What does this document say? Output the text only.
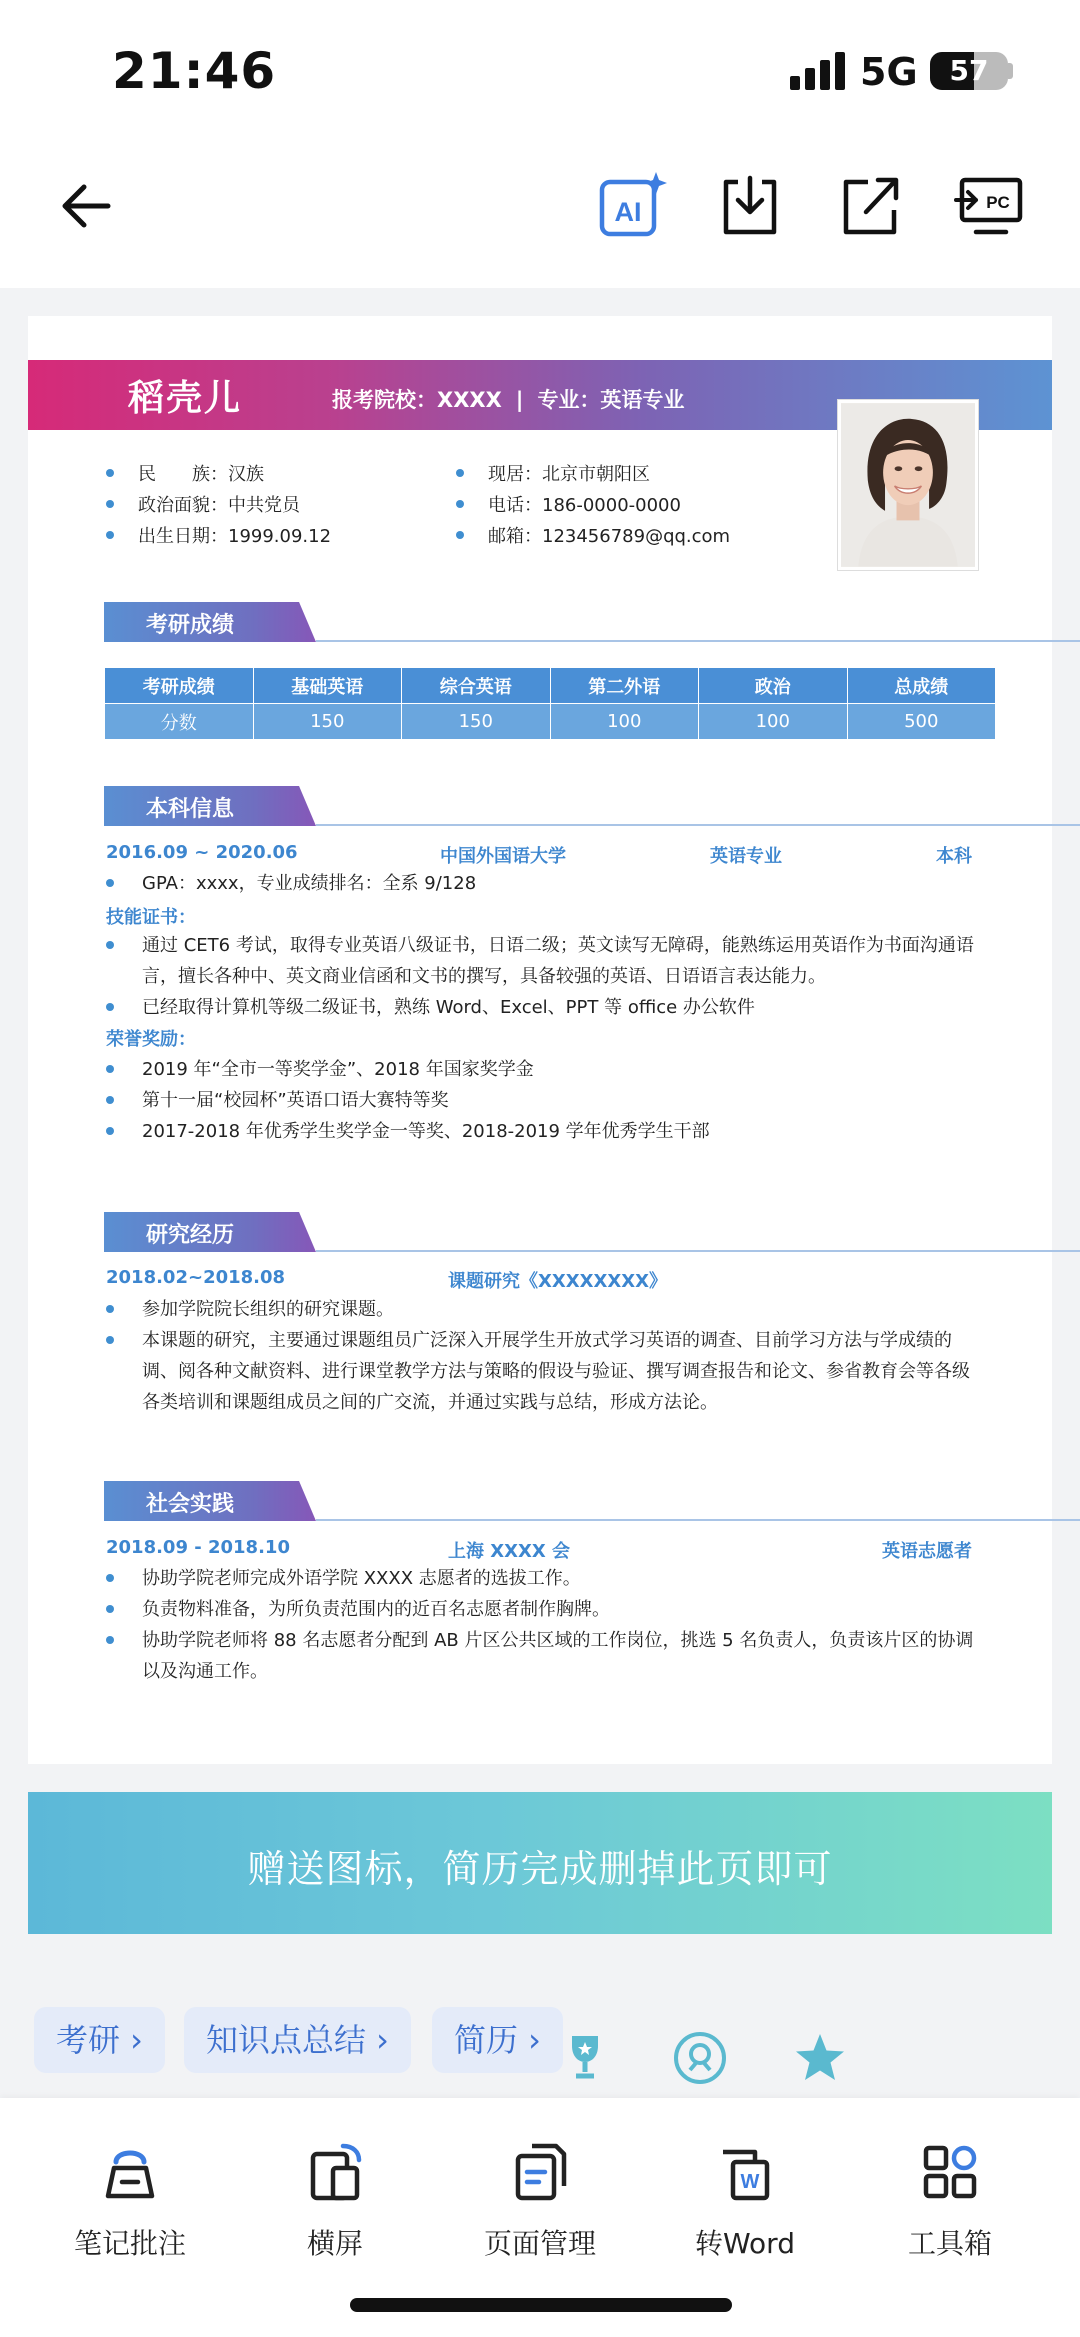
21:46	5G	57
AI	PC
稻壳儿	报考院校：XXXX | 专业：英语专业
民　　族：汉族
政治面貌：中共党员
出生日期：1999.09.12
现居：北京市朝阳区
电话：186-0000-0000
邮箱：123456789@qq.com
考研成绩
考研成绩	基础英语	综合英语	第二外语	政治	总成绩
分数	150	150	100	100	500
本科信息
2016.09 ~ 2020.06	中国外国语大学	英语专业	本科
GPA：xxxx，专业成绩排名：全系 9/128
技能证书：
通过 CET6 考试，取得专业英语八级证书，日语二级；英文读写无障碍，能熟练运用英语作为书面沟通语言，擅长各种中、英文商业信函和文书的撰写，具备较强的英语、日语语言表达能力。
已经取得计算机等级二级证书，熟练 Word、Excel、PPT 等 office 办公软件
荣誉奖励：
2019 年“全市一等奖学金”、2018 年国家奖学金
第十一届“校园杯”英语口语大赛特等奖
2017-2018 年优秀学生奖学金一等奖、2018-2019 学年优秀学生干部
研究经历
2018.02~2018.08	课题研究《XXXXXXXX》
参加学院院长组织的研究课题。
本课题的研究，主要通过课题组员广泛深入开展学生开放式学习英语的调查、目前学习方法与学成绩的调、阅各种文献资料、进行课堂教学方法与策略的假设与验证、撰写调查报告和论文、参省教育会等各级各类培训和课题组成员之间的广交流，并通过实践与总结，形成方法论。
社会实践
2018.09 - 2018.10	上海 XXXX 会	英语志愿者
协助学院老师完成外语学院 XXXX 志愿者的选拔工作。
负责物料准备，为所负责范围内的近百名志愿者制作胸牌。
协助学院老师将 88 名志愿者分配到 AB 片区公共区域的工作岗位，挑选 5 名负责人，负责该片区的协调以及沟通工作。
赠送图标，简历完成删掉此页即可
考研 ›	知识点总结 ›	简历 ›
笔记批注	横屏	页面管理
W
转Word	工具箱
